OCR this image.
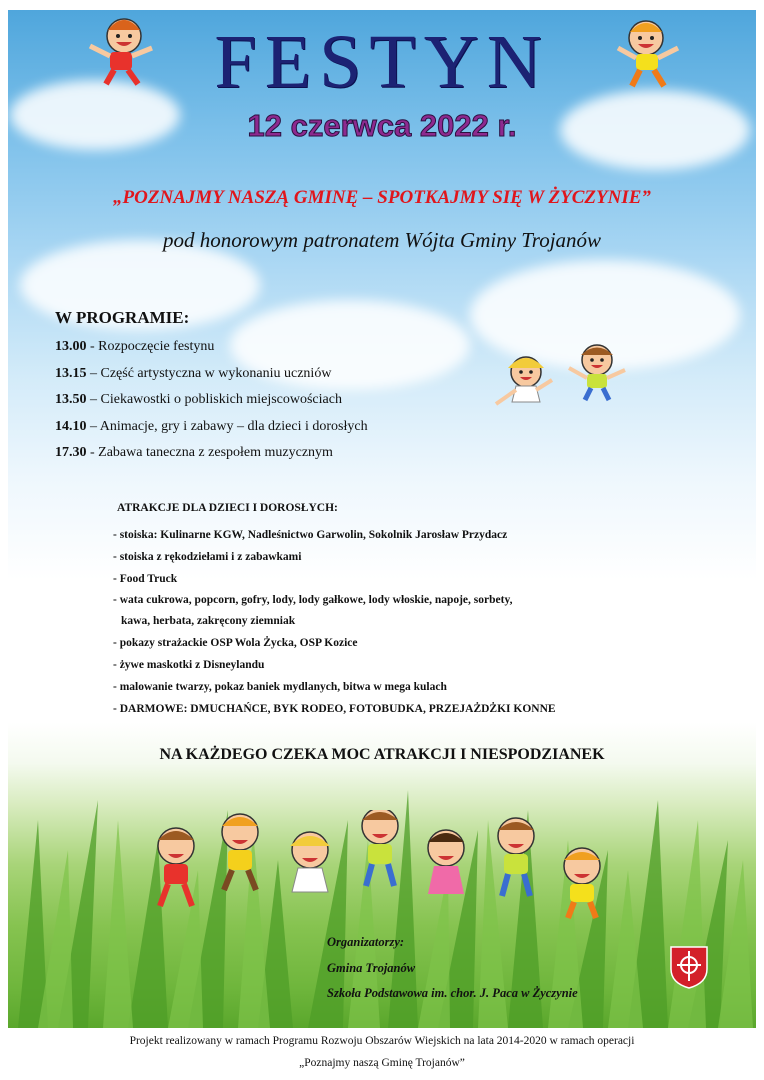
FESTYN

12 czerwca 2022 r.

„POZNAJMY NASZĄ GMINĘ – SPOTKAJMY SIĘ W ŻYCZYNIE”

pod honorowym patronatem Wójta Gminy Trojanów

W PROGRAMIE:

13.00 - Rozpoczęcie festynu
13.15 – Część artystyczna w wykonaniu uczniów
13.50 – Ciekawostki o pobliskich miejscowościach
14.10 – Animacje, gry i zabawy – dla dzieci i dorosłych
17.30 - Zabawa taneczna z zespołem muzycznym

ATRAKCJE DLA DZIECI I DOROSŁYCH:

- stoiska: Kulinarne KGW, Nadleśnictwo Garwolin, Sokolnik Jarosław Przydacz
- stoiska z rękodziełami i z zabawkami
- Food Truck
- wata cukrowa, popcorn, gofry, lody, lody gałkowe, lody włoskie, napoje, sorbety,
kawa, herbata, zakręcony ziemniak
- pokazy strażackie OSP Wola Życka, OSP Kozice
- żywe maskotki z Disneylandu
- malowanie twarzy, pokaz baniek mydlanych, bitwa w mega kulach
- DARMOWE: DMUCHAŃCE, BYK RODEO, FOTOBUDKA, PRZEJAŻDŻKI KONNE

NA KAŻDEGO CZEKA MOC ATRAKCJI I NIESPODZIANEK

Organizatorzy:
Gmina Trojanów
Szkoła Podstawowa im. chor. J. Paca w Życzynie
Projekt realizowany w ramach Programu Rozwoju Obszarów Wiejskich na lata 2014-2020 w ramach operacji
„Poznajmy naszą Gminę Trojanów”
